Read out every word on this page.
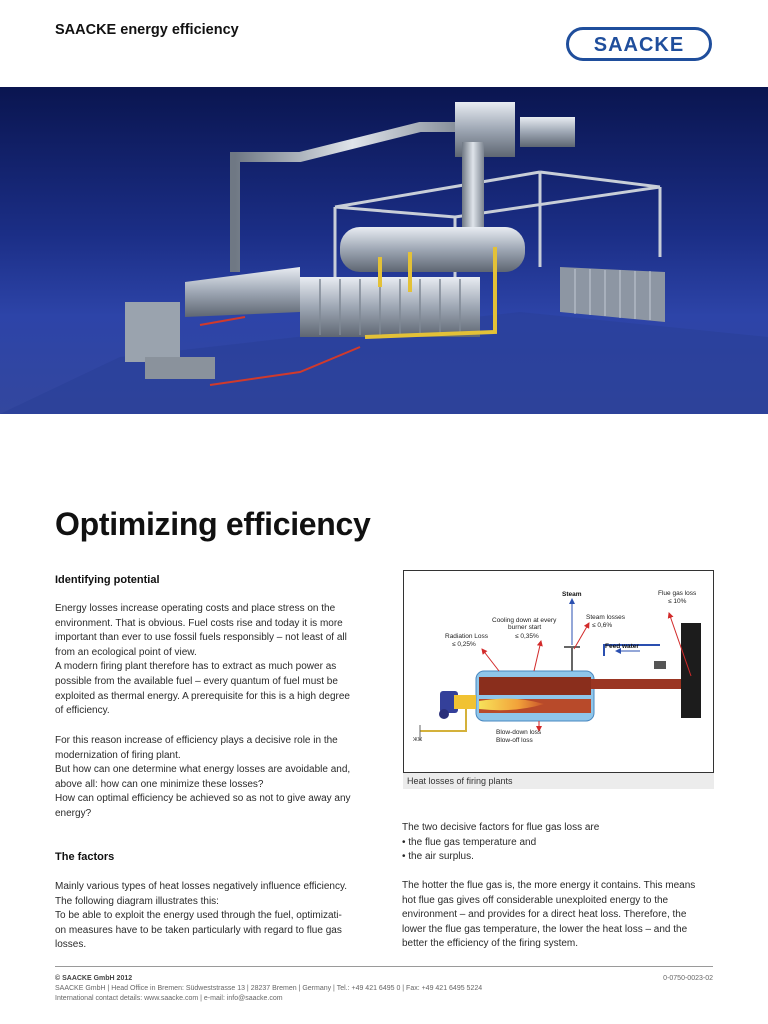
SAACKE energy efficiency
SAACKE
Optimizing efficiency
Identifying potential
Energy losses increase operating costs and place stress on the
environment. That is obvious. Fuel costs rise and today it is more
important than ever to use fossil fuels responsibly – not least of all
from an ecological point of view.
A modern firing plant therefore has to extract as much power as
possible from the available fuel – every quantum of fuel must be
exploited as thermal energy. A prerequisite for this is a high degree
of efficiency.
For this reason increase of efficiency plays a decisive role in the
modernization of firing plant.
But how can one determine what energy losses are avoidable and,
above all: how can one minimize these losses?
How can optimal efficiency be achieved so as not to give away any
energy?
The factors
Mainly various types of heat losses negatively influence efficiency.
The following diagram illustrates this:
To be able to exploit the energy used through the fuel, optimizati-
on measures have to be taken particularly with regard to flue gas
losses.
ЖЖ
Steam	Flue gas loss
≤ 10%
Cooling down at every
burner start
≤ 0,35%
Steam losses
≤ 0,6%
Radiation Loss
≤ 0,25%	Feed water
Blow-down loss
Blow-off loss
Heat losses of firing plants
The two decisive factors for flue gas loss are
• the flue gas temperature and
• the air surplus.
The hotter the flue gas is, the more energy it contains. This means
hot flue gas gives off considerable unexploited energy to the
environment – and provides for a direct heat loss. Therefore, the
lower the flue gas temperature, the lower the heat loss – and the
better the efficiency of the firing system.
© SAACKE GmbH 2012
SAACKE GmbH | Head Office in Bremen: Südweststrasse 13 | 28237 Bremen | Germany | Tel.: +49 421 6495 0 | Fax: +49 421 6495 5224
International contact details: www.saacke.com | e-mail: info@saacke.com
0-0750-0023-02
